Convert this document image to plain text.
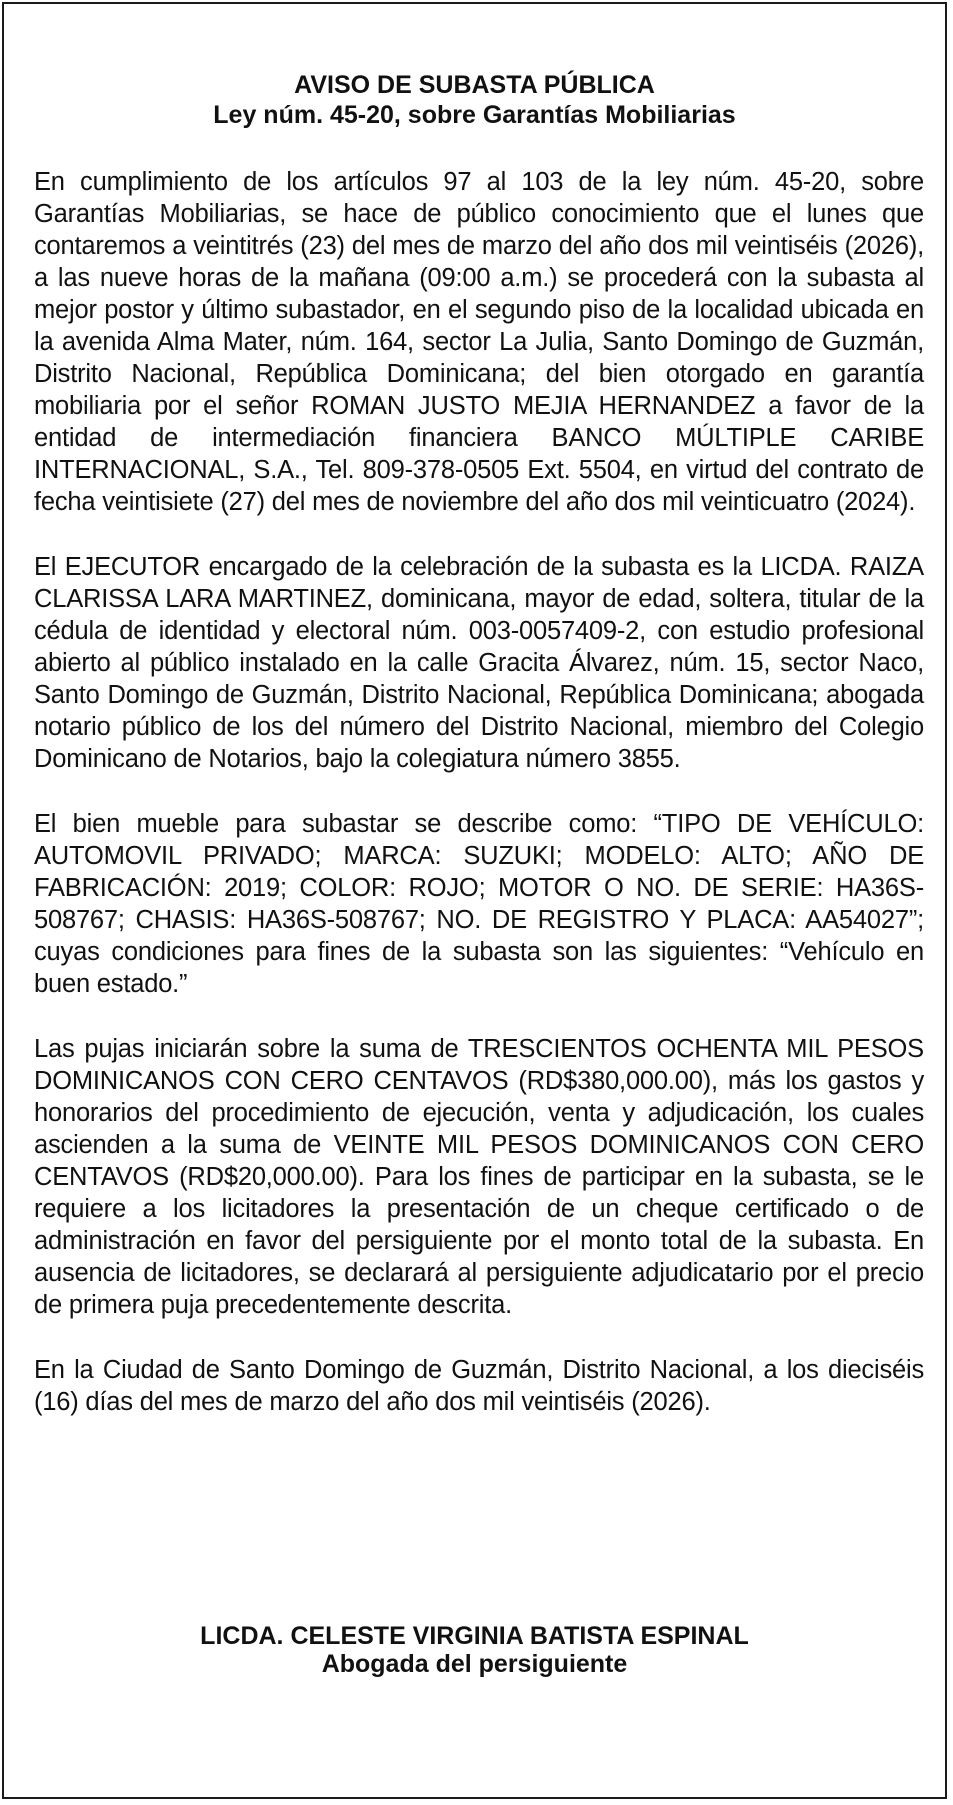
AVISO DE SUBASTA PÚBLICA

Ley núm. 45-20, sobre Garantías Mobiliarias

En cumplimiento de los artículos 97 al 103 de la ley núm. 45-20, sobre Garantías Mobiliarias, se hace de público conocimiento que el lunes que contaremos a veintitrés (23) del mes de marzo del año dos mil veintiséis (2026), a las nueve horas de la mañana (09:00 a.m.) se procederá con la subasta al mejor postor y último subastador, en el segundo piso de la localidad ubicada en la avenida Alma Mater, núm. 164, sector La Julia, Santo Domingo de Guzmán, Distrito Nacional, República Dominicana; del bien otorgado en garantía mobiliaria por el señor ROMAN JUSTO MEJIA HERNANDEZ a favor de la entidad de intermediación financiera BANCO MÚLTIPLE CARIBE INTERNACIONAL, S.A., Tel. 809-378-0505 Ext. 5504, en virtud del contrato de fecha veintisiete (27) del mes de noviembre del año dos mil veinticuatro (2024).

El EJECUTOR encargado de la celebración de la subasta es la LICDA. RAIZA CLARISSA LARA MARTINEZ, dominicana, mayor de edad, soltera, titular de la cédula de identidad y electoral núm. 003-0057409-2, con estudio profesional abierto al público instalado en la calle Gracita Álvarez, núm. 15, sector Naco, Santo Domingo de Guzmán, Distrito Nacional, República Dominicana; abogada notario público de los del número del Distrito Nacional, miembro del Colegio Dominicano de Notarios, bajo la colegiatura número 3855.

El bien mueble para subastar se describe como: “TIPO DE VEHÍCULO: AUTOMOVIL PRIVADO; MARCA: SUZUKI; MODELO: ALTO; AÑO DE FABRICACIÓN: 2019; COLOR: ROJO; MOTOR O NO. DE SERIE: HA36S-508767; CHASIS: HA36S-508767; NO. DE REGISTRO Y PLACA: AA54027”; cuyas condiciones para fines de la subasta son las siguientes: “Vehículo en buen estado.”

Las pujas iniciarán sobre la suma de TRESCIENTOS OCHENTA MIL PESOS DOMINICANOS CON CERO CENTAVOS (RD$380,000.00), más los gastos y honorarios del procedimiento de ejecución, venta y adjudicación, los cuales ascienden a la suma de VEINTE MIL PESOS DOMINICANOS CON CERO CENTAVOS (RD$20,000.00). Para los fines de participar en la subasta, se le requiere a los licitadores la presentación de un cheque certificado o de administración en favor del persiguiente por el monto total de la subasta. En ausencia de licitadores, se declarará al persiguiente adjudicatario por el precio de primera puja precedentemente descrita.

En la Ciudad de Santo Domingo de Guzmán, Distrito Nacional, a los dieciséis (16) días del mes de marzo del año dos mil veintiséis (2026).

LICDA. CELESTE VIRGINIA BATISTA ESPINAL

Abogada del persiguiente
